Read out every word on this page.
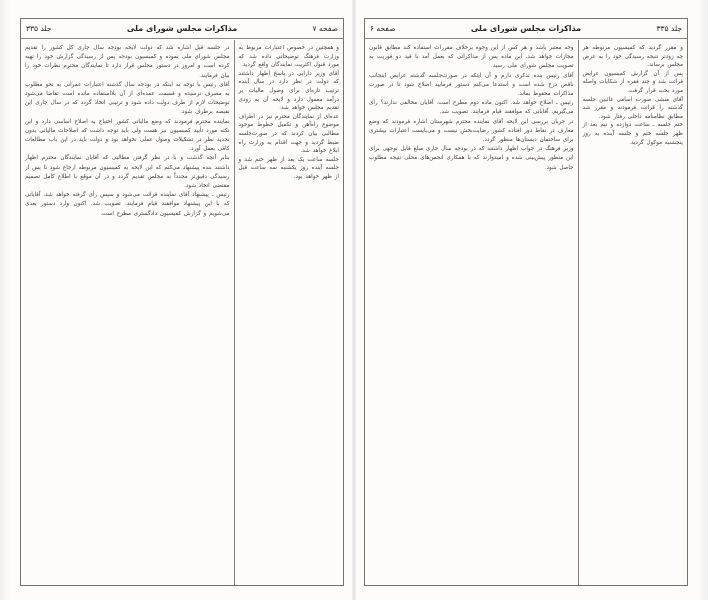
صفحه ۷
مذاکرات مجلس شورای ملی
جلد ۳۳۵
در جلسه قبل اشاره شد که دولت لایحه بودجه سال جاری کل کشور را تقدیم مجلس شورای ملی نموده و کمیسیون بودجه پس از رسیدگی گزارش خود را تهیه کرده است و امروز در دستور مجلس قرار دارد تا نمایندگان محترم نظرات خود را بیان فرمایند.
آقای رئیس با توجه به اینکه در بودجه سال گذشته اعتبارات عمرانی به نحو مطلوب به مصرف نرسیده و قسمت عمده‌ای از آن بلااستفاده مانده است تقاضا می‌شود توضیحات لازم از طرف دولت داده شود و ترتیبی اتخاذ گردد که در سال جاری این نقیصه برطرف شود.
نماینده محترم فرمودند که وضع مالیاتی کشور احتیاج به اصلاح اساسی دارد و این نکته مورد تأیید کمیسیون نیز هست ولی باید توجه داشت که اصلاحات مالیاتی بدون تجدید نظر در تشکیلات وصول عملی نخواهد بود و دولت باید در این باب مطالعات کافی بعمل آورد.
بنابر آنچه گذشت و با در نظر گرفتن مطالبی که آقایان نمایندگان محترم اظهار داشتند بنده پیشنهاد می‌کنم که این لایحه به کمیسیون مربوطه ارجاع شود تا پس از رسیدگی دقیق‌تر مجدداً به مجلس تقدیم گردد و در آن موقع با اطلاع کامل تصمیم مقتضی اتخاذ شود.
رئیس ـ پیشنهاد آقای نماینده قرائت می‌شود و سپس رأی گرفته خواهد شد. آقایانی که با این پیشنهاد موافقند قیام فرمایند. تصویب شد. اکنون وارد دستور بعدی می‌شویم و گزارش کمیسیون دادگستری مطرح است.
و همچنین در خصوص اعتبارات مربوط به وزارت فرهنگ توضیحاتی داده شد که مورد قبول اکثریت نمایندگان واقع گردید.
آقای وزیر دارایی در پاسخ اظهار داشتند که دولت در نظر دارد در سال آینده ترتیب تازه‌ای برای وصول مالیات بر درآمد معمول دارد و لایحه آن به زودی تقدیم مجلس خواهد شد.
عده‌ای از نمایندگان محترم نیز در اطراف موضوع راه‌آهن و تکمیل خطوط موجود مطالبی بیان کردند که در صورت‌جلسه ضبط گردید و جهت اقدام به وزارت راه ابلاغ خواهد شد.
جلسه ساعت یک بعد از ظهر ختم شد و جلسه آینده روز یکشنبه سه ساعت قبل از ظهر خواهد بود.
جلد ۳۳۵
مذاکرات مجلس شورای ملی
صفحه ۶
وجه معتبر باشد و هر کس از این وجوه برخلاف مقررات استفاده کند مطابق قانون مجازات خواهد شد. این ماده پس از مذاکراتی که بعمل آمد با قید دو فوریت به تصویب مجلس شورای ملی رسید.
آقای رئیس بنده تذکری دارم و آن اینکه در صورت‌جلسه گذشته عرایض اینجانب ناقص درج شده است و استدعا می‌کنم دستور فرمایید اصلاح شود تا در صورت مذاکرات محفوظ بماند.
رئیس ـ اصلاح خواهد شد. اکنون ماده دوم مطرح است. آقایان مخالفی ندارند؟ رأی می‌گیریم. آقایانی که موافقند قیام فرمایند. تصویب شد.
در جریان بررسی این لایحه آقای نماینده محترم شهرستان اشاره فرمودند که وضع معارف در نقاط دور افتاده کشور رضایت‌بخش نیست و می‌بایست اعتبارات بیشتری برای ساختمان دبستان‌ها منظور گردد.
وزیر فرهنگ در جواب اظهار داشتند که در بودجه سال جاری مبلغ قابل توجهی برای این منظور پیش‌بینی شده و امیدوارند که با همکاری انجمن‌های محلی نتیجه مطلوب حاصل شود.
و مقرر گردید که کمیسیون مربوطه هر چه زودتر نتیجه رسیدگی خود را به عرض مجلس برساند.
پس از آن گزارش کمیسیون عرایض قرائت شد و چند فقره از شکایات واصله مورد بحث قرار گرفت.
آقای منشی صورت اسامی غائبین جلسه گذشته را قرائت فرمودند و مقرر شد مطابق نظامنامه داخلی رفتار شود.
ختم جلسه ـ ساعت دوازده و نیم بعد از ظهر جلسه ختم و جلسه آینده به روز پنجشنبه موکول گردید.
